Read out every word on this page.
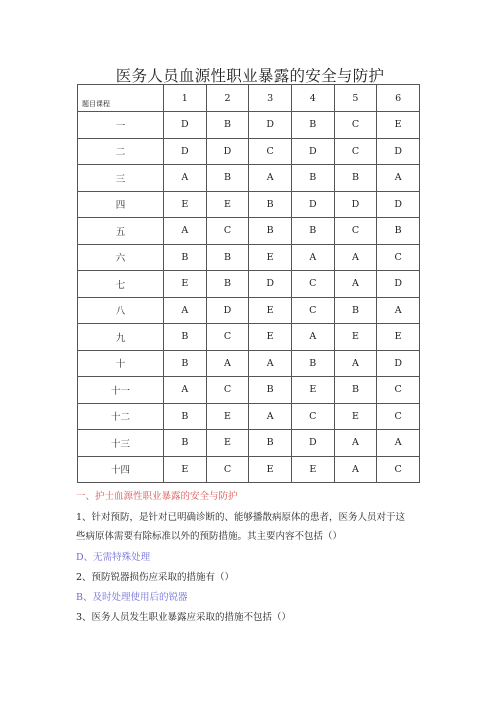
医务人员血源性职业暴露的安全与防护
题目课程	1	2	3	4	5	6
一	D	B	D	B	C	E
二	D	D	C	D	C	D
三	A	B	A	B	B	A
四	E	E	B	D	D	D
五	A	C	B	B	C	B
六	B	B	E	A	A	C
七	E	B	D	C	A	D
八	A	D	E	C	B	A
九	B	C	E	A	E	E
十	B	A	A	B	A	D
十一	A	C	B	E	B	C
十二	B	E	A	C	E	C
十三	B	E	B	D	A	A
十四	E	C	E	E	A	C
一、护士血源性职业暴露的安全与防护
1、针对预防，是针对已明确诊断的、能够播散病原体的患者，医务人员对于这
些病原体需要有除标准以外的预防措施。其主要内容不包括（）
D、无需特殊处理
2、预防锐器损伤应采取的措施有（）
B、及时处理使用后的锐器
3、医务人员发生职业暴露应采取的措施不包括（）
